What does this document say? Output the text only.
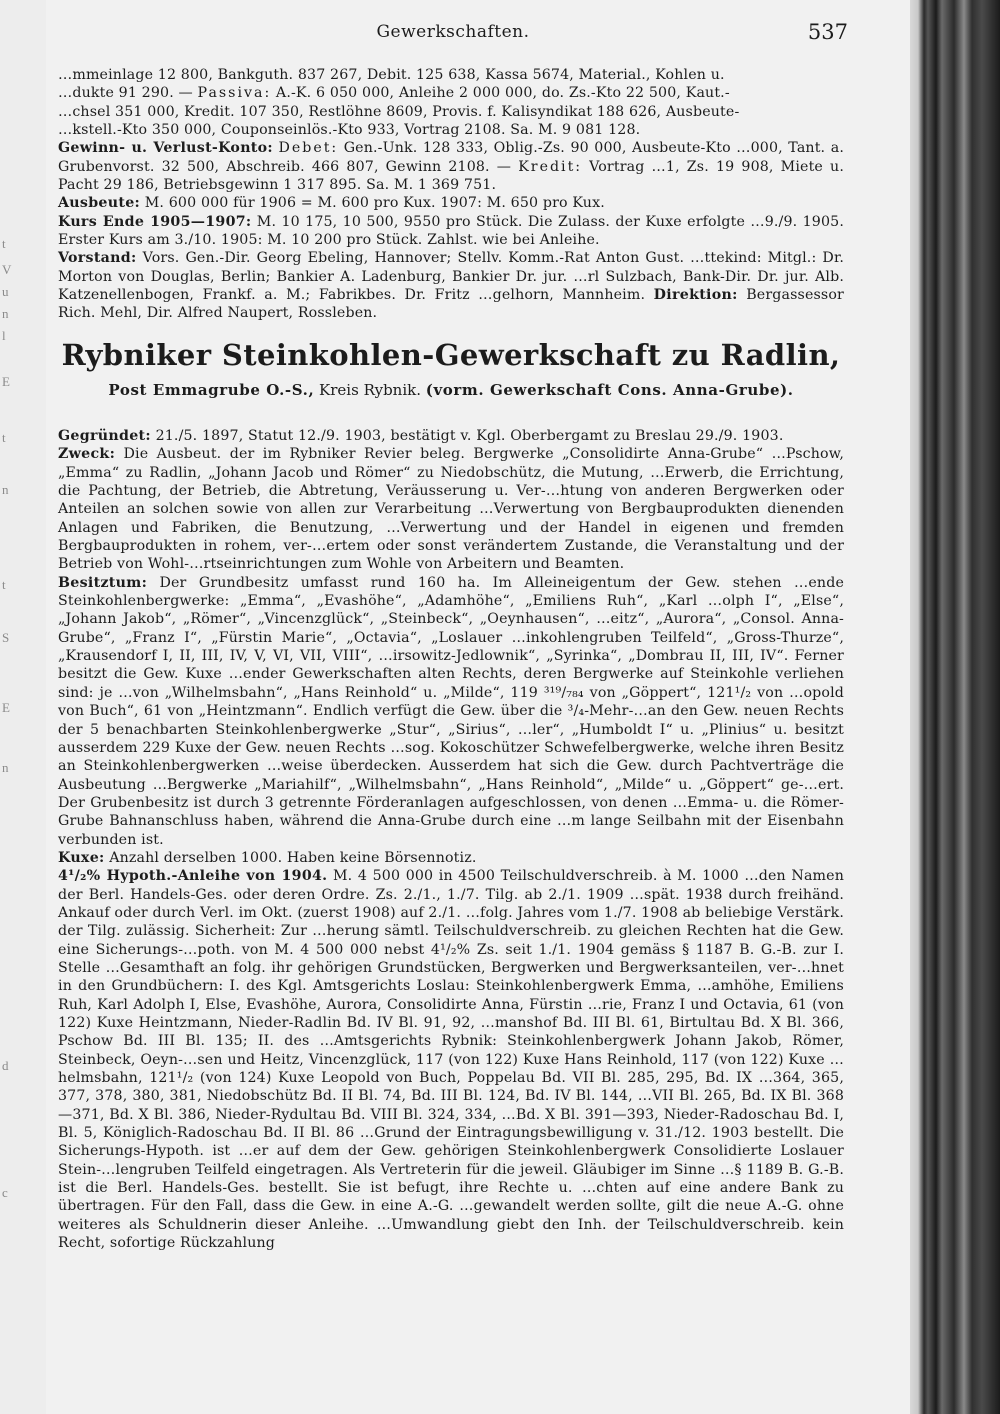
t
V
u
n
l
E
t
n
t
S
E
n
d
c
Gewerkschaften.	537

…mmeinlage 12 800, Bankguth. 837 267, Debit. 125 638, Kassa 5674, Material., Kohlen u.

…dukte 91 290. — Passiva: A.-K. 6 050 000, Anleihe 2 000 000, do. Zs.-Kto 22 500, Kaut.-

…chsel 351 000, Kredit. 107 350, Restlöhne 8609, Provis. f. Kalisyndikat 188 626, Ausbeute-

…kstell.-Kto 350 000, Couponseinlös.-Kto 933, Vortrag 2108. Sa. M. 9 081 128.

Gewinn- u. Verlust-Konto: Debet: Gen.-Unk. 128 333, Oblig.-Zs. 90 000, Ausbeute-Kto …000, Tant. a. Grubenvorst. 32 500, Abschreib. 466 807, Gewinn 2108. — Kredit: Vortrag …1, Zs. 19 908, Miete u. Pacht 29 186, Betriebsgewinn 1 317 895. Sa. M. 1 369 751.

Ausbeute: M. 600 000 für 1906 = M. 600 pro Kux. 1907: M. 650 pro Kux.

Kurs Ende 1905—1907: M. 10 175, 10 500, 9550 pro Stück. Die Zulass. der Kuxe erfolgte …9./9. 1905. Erster Kurs am 3./10. 1905: M. 10 200 pro Stück. Zahlst. wie bei Anleihe.

Vorstand: Vors. Gen.-Dir. Georg Ebeling, Hannover; Stellv. Komm.-Rat Anton Gust. …ttekind: Mitgl.: Dr. Morton von Douglas, Berlin; Bankier A. Ladenburg, Bankier Dr. jur. …rl Sulzbach, Bank-Dir. Dr. jur. Alb. Katzenellenbogen, Frankf. a. M.; Fabrikbes. Dr. Fritz …gelhorn, Mannheim. Direktion: Bergassessor Rich. Mehl, Dir. Alfred Naupert, Rossleben.

Rybniker Steinkohlen-Gewerkschaft zu Radlin,
Post Emmagrube O.-S., Kreis Rybnik. (vorm. Gewerkschaft Cons. Anna-Grube).

Gegründet: 21./5. 1897, Statut 12./9. 1903, bestätigt v. Kgl. Oberbergamt zu Breslau 29./9. 1903.

Zweck: Die Ausbeut. der im Rybniker Revier beleg. Bergwerke „Consolidirte Anna-Grube“ …Pschow, „Emma“ zu Radlin, „Johann Jacob und Römer“ zu Niedobschütz, die Mutung, …Erwerb, die Errichtung, die Pachtung, der Betrieb, die Abtretung, Veräusserung u. Ver-…htung von anderen Bergwerken oder Anteilen an solchen sowie von allen zur Verarbeitung …Verwertung von Bergbauprodukten dienenden Anlagen und Fabriken, die Benutzung, …Verwertung und der Handel in eigenen und fremden Bergbauprodukten in rohem, ver-…ertem oder sonst verändertem Zustande, die Veranstaltung und der Betrieb von Wohl-…rtseinrichtungen zum Wohle von Arbeitern und Beamten.

Besitztum: Der Grundbesitz umfasst rund 160 ha. Im Alleineigentum der Gew. stehen …ende Steinkohlenbergwerke: „Emma“, „Evashöhe“, „Adamhöhe“, „Emiliens Ruh“, „Karl …olph I“, „Else“, „Johann Jakob“, „Römer“, „Vincenzglück“, „Steinbeck“, „Oeynhausen“, …eitz“, „Aurora“, „Consol. Anna-Grube“, „Franz I“, „Fürstin Marie“, „Octavia“, „Loslauer …inkohlengruben Teilfeld“, „Gross-Thurze“, „Krausendorf I, II, III, IV, V, VI, VII, VIII“, …irsowitz-Jedlownik“, „Syrinka“, „Dombrau II, III, IV“. Ferner besitzt die Gew. Kuxe …ender Gewerkschaften alten Rechts, deren Bergwerke auf Steinkohle verliehen sind: je …von „Wilhelmsbahn“, „Hans Reinhold“ u. „Milde“, 119 ³¹⁹/₇₈₄ von „Göppert“, 121¹/₂ von …opold von Buch“, 61 von „Heintzmann“. Endlich verfügt die Gew. über die ³/₄-Mehr-…an den Gew. neuen Rechts der 5 benachbarten Steinkohlenbergwerke „Stur“, „Sirius“, …ler“, „Humboldt I“ u. „Plinius“ u. besitzt ausserdem 229 Kuxe der Gew. neuen Rechts …sog. Kokoschützer Schwefelbergwerke, welche ihren Besitz an Steinkohlenbergwerken …weise überdecken. Ausserdem hat sich die Gew. durch Pachtverträge die Ausbeutung …Bergwerke „Mariahilf“, „Wilhelmsbahn“, „Hans Reinhold“, „Milde“ u. „Göppert“ ge-…ert. Der Grubenbesitz ist durch 3 getrennte Förderanlagen aufgeschlossen, von denen …Emma- u. die Römer-Grube Bahnanschluss haben, während die Anna-Grube durch eine …m lange Seilbahn mit der Eisenbahn verbunden ist.

Kuxe: Anzahl derselben 1000. Haben keine Börsennotiz.

4¹/₂% Hypoth.-Anleihe von 1904. M. 4 500 000 in 4500 Teilschuldverschreib. à M. 1000 …den Namen der Berl. Handels-Ges. oder deren Ordre. Zs. 2./1., 1./7. Tilg. ab 2./1. 1909 …spät. 1938 durch freihänd. Ankauf oder durch Verl. im Okt. (zuerst 1908) auf 2./1. …folg. Jahres vom 1./7. 1908 ab beliebige Verstärk. der Tilg. zulässig. Sicherheit: Zur …herung sämtl. Teilschuldverschreib. zu gleichen Rechten hat die Gew. eine Sicherungs-…poth. von M. 4 500 000 nebst 4¹/₂% Zs. seit 1./1. 1904 gemäss § 1187 B. G.-B. zur I. Stelle …Gesamthaft an folg. ihr gehörigen Grundstücken, Bergwerken und Bergwerksanteilen, ver-…hnet in den Grundbüchern: I. des Kgl. Amtsgerichts Loslau: Steinkohlenbergwerk Emma, …amhöhe, Emiliens Ruh, Karl Adolph I, Else, Evashöhe, Aurora, Consolidirte Anna, Fürstin …rie, Franz I und Octavia, 61 (von 122) Kuxe Heintzmann, Nieder-Radlin Bd. IV Bl. 91, 92, …manshof Bd. III Bl. 61, Birtultau Bd. X Bl. 366, Pschow Bd. III Bl. 135; II. des …Amtsgerichts Rybnik: Steinkohlenbergwerk Johann Jakob, Römer, Steinbeck, Oeyn-…sen und Heitz, Vincenzglück, 117 (von 122) Kuxe Hans Reinhold, 117 (von 122) Kuxe …helmsbahn, 121¹/₂ (von 124) Kuxe Leopold von Buch, Poppelau Bd. VII Bl. 285, 295, Bd. IX …364, 365, 377, 378, 380, 381, Niedobschütz Bd. II Bl. 74, Bd. III Bl. 124, Bd. IV Bl. 144, …VII Bl. 265, Bd. IX Bl. 368—371, Bd. X Bl. 386, Nieder-Rydultau Bd. VIII Bl. 324, 334, …Bd. X Bl. 391—393, Nieder-Radoschau Bd. I, Bl. 5, Königlich-Radoschau Bd. II Bl. 86 …Grund der Eintragungsbewilligung v. 31./12. 1903 bestellt. Die Sicherungs-Hypoth. ist …er auf dem der Gew. gehörigen Steinkohlenbergwerk Consolidierte Loslauer Stein-…lengruben Teilfeld eingetragen. Als Vertreterin für die jeweil. Gläubiger im Sinne …§ 1189 B. G.-B. ist die Berl. Handels-Ges. bestellt. Sie ist befugt, ihre Rechte u. …chten auf eine andere Bank zu übertragen. Für den Fall, dass die Gew. in eine A.-G. …gewandelt werden sollte, gilt die neue A.-G. ohne weiteres als Schuldnerin dieser Anleihe. …Umwandlung giebt den Inh. der Teilschuldverschreib. kein Recht, sofortige Rückzahlung
